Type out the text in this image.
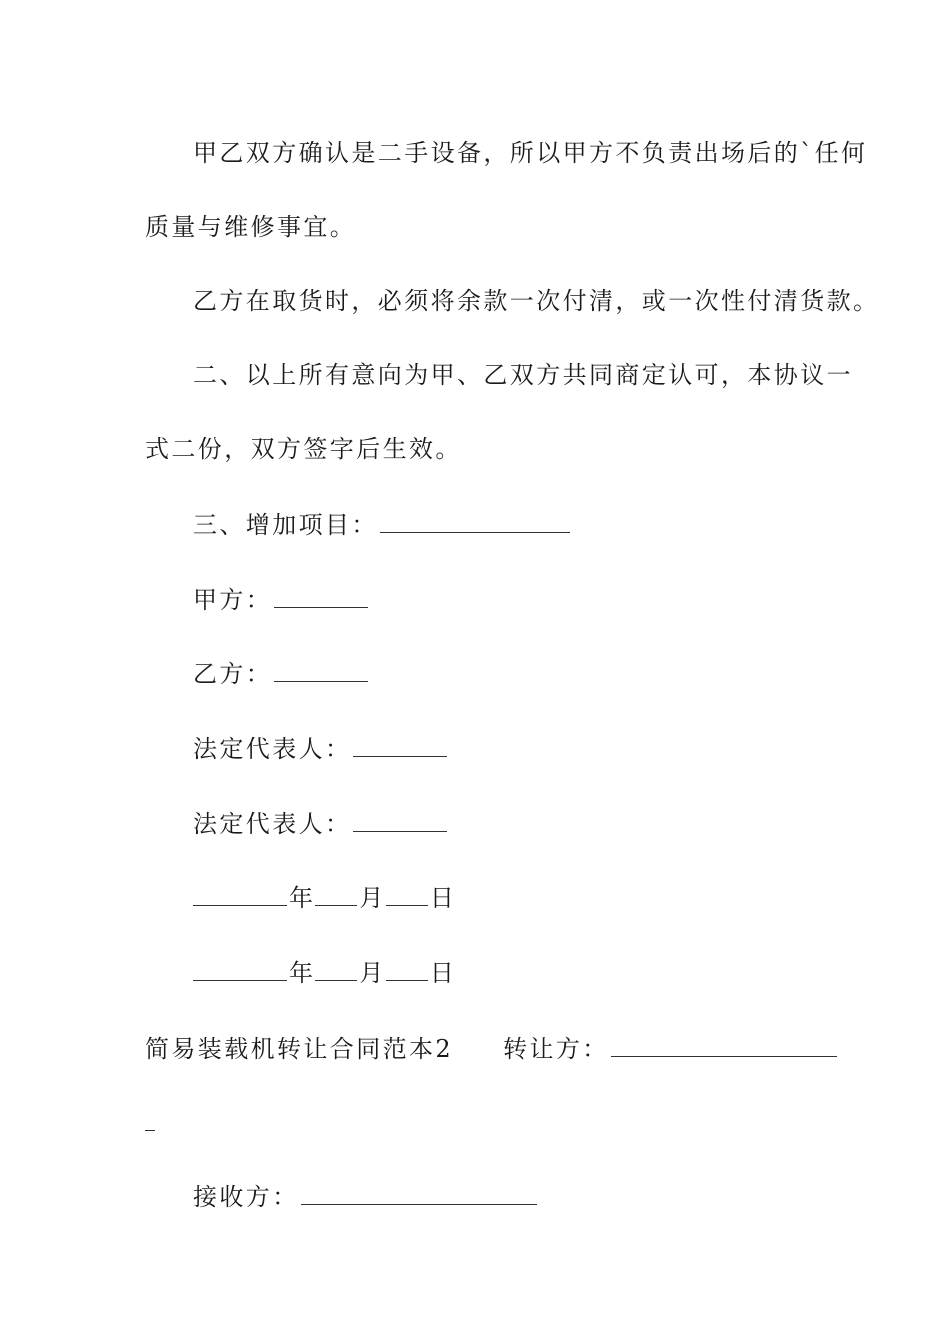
甲乙双方确认是二手设备，所以甲方不负责出场后的`任何
质量与维修事宜。
乙方在取货时，必须将余款一次付清，或一次性付清货款。
二、以上所有意向为甲、乙双方共同商定认可，本协议一
式二份，双方签字后生效。
三、增加项目：
甲方：
乙方：
法定代表人：
法定代表人：
年 月 日
年 月 日
简易装载机转让合同范本2 转让方：
接收方：
